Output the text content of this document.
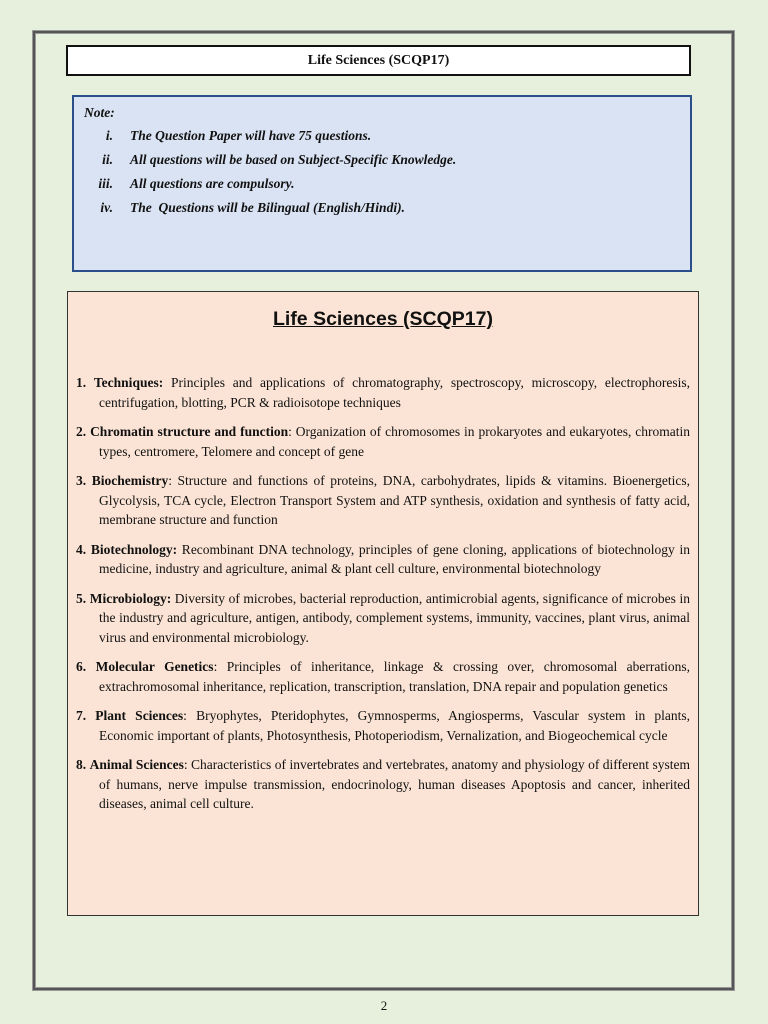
Life Sciences (SCQP17)
Note:
i.	The Question Paper will have 75 questions.
ii.	All questions will be based on Subject-Specific Knowledge.
iii.	All questions are compulsory.
iv.	The  Questions will be Bilingual (English/Hindi).
Life Sciences (SCQP17)
1. Techniques: Principles and applications of chromatography, spectroscopy, microscopy, electrophoresis, centrifugation, blotting, PCR & radioisotope techniques
2. Chromatin structure and function: Organization of chromosomes in prokaryotes and eukaryotes, chromatin types, centromere, Telomere and concept of gene
3. Biochemistry: Structure and functions of proteins, DNA, carbohydrates, lipids & vitamins. Bioenergetics, Glycolysis, TCA cycle, Electron Transport System and ATP synthesis, oxidation and synthesis of fatty acid, membrane structure and function
4. Biotechnology: Recombinant DNA technology, principles of gene cloning, applications of biotechnology in medicine, industry and agriculture, animal & plant cell culture, environmental biotechnology
5. Microbiology: Diversity of microbes, bacterial reproduction, antimicrobial agents, significance of microbes in the industry and agriculture, antigen, antibody, complement systems, immunity, vaccines, plant virus, animal virus and environmental microbiology.
6. Molecular Genetics: Principles of inheritance, linkage & crossing over, chromosomal aberrations, extrachromosomal inheritance, replication, transcription, translation, DNA repair and population genetics
7. Plant Sciences: Bryophytes, Pteridophytes, Gymnosperms, Angiosperms, Vascular system in plants, Economic important of plants, Photosynthesis, Photoperiodism, Vernalization, and Biogeochemical cycle
8. Animal Sciences: Characteristics of invertebrates and vertebrates, anatomy and physiology of different system of humans, nerve impulse transmission, endocrinology, human diseases Apoptosis and cancer, inherited diseases, animal cell culture.
2
